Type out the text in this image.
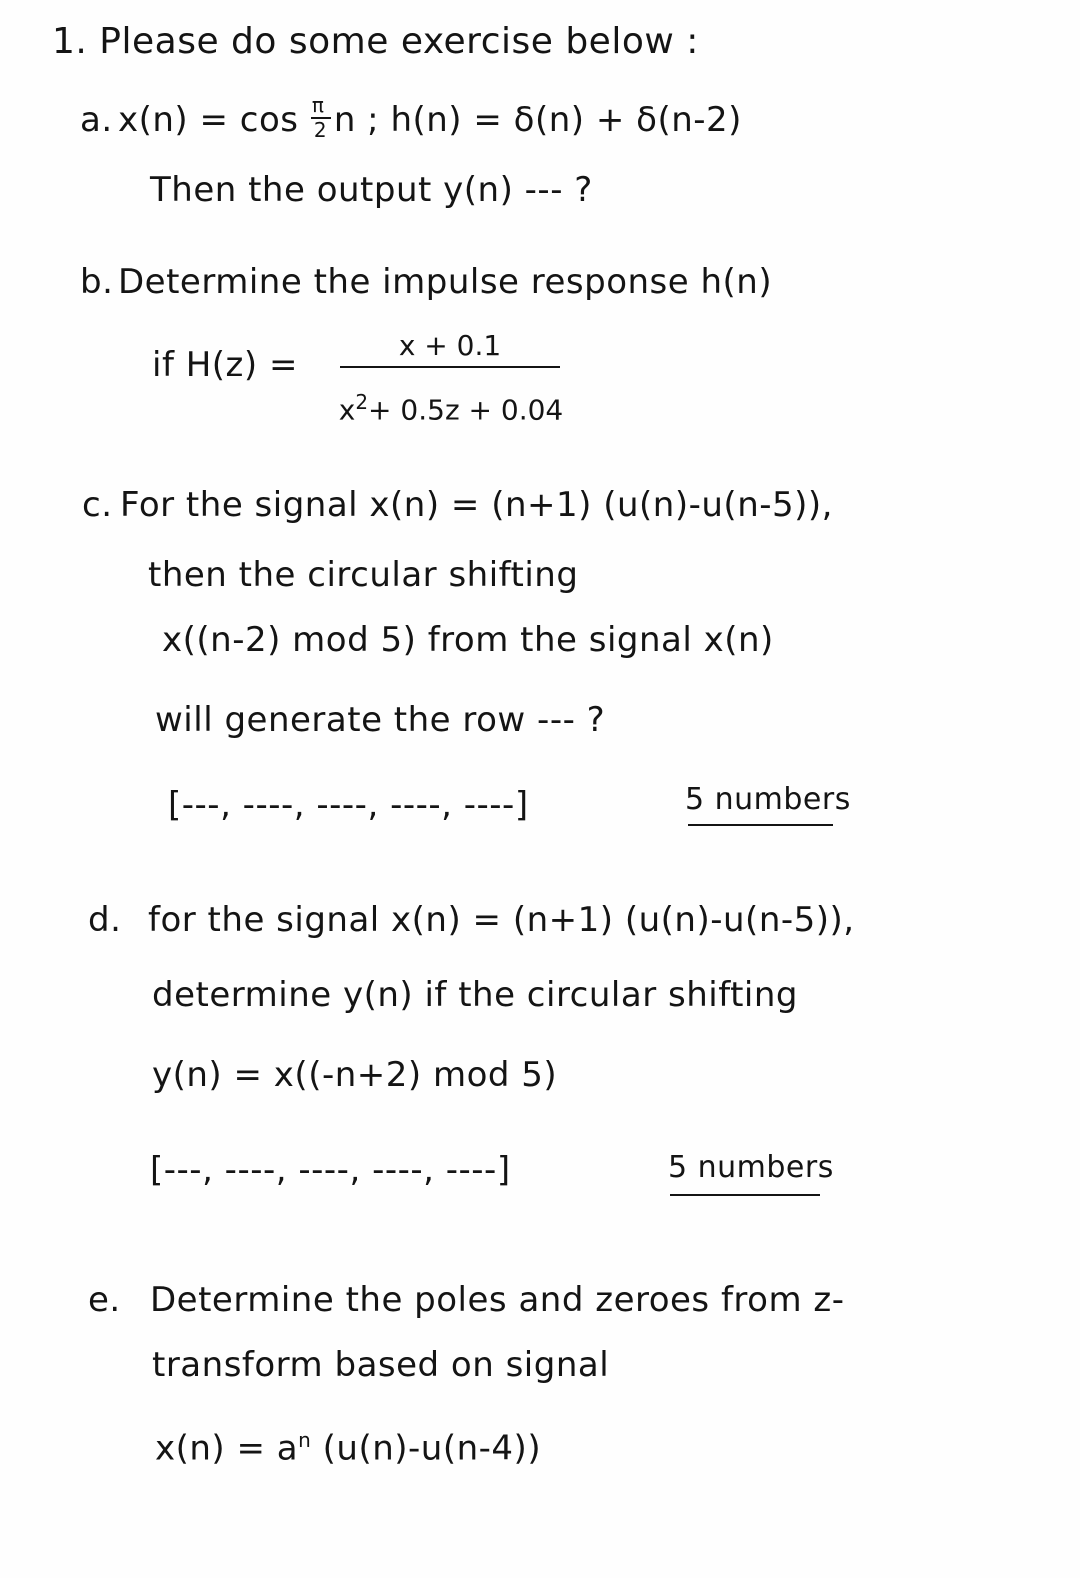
1. Please do some exercise below :
a. $x(n) = \cos \frac{\pi}{2}$ n ; h(n) = δ(n) + δ(n-2)
Then the output y(n) --- ?
b. Determine the impulse response h(n)
if H(z) =	x + 0.1
$x^2+ 0.5z + 0.04$
c. For the signal x(n) = (n+1) (u(n)-u(n-5)),
then the circular shifting
x((n-2) mod 5) from the signal x(n)
will generate the row --- ?
[---, ----, ----, ----, ----]	5 numbers
d. for the signal x(n) = (n+1) (u(n)-u(n-5)),
determine y(n) if the circular shifting
y(n) = x((-n+2) mod 5)
[---, ----, ----, ----, ----]	5 numbers
e. Determine the poles and zeroes from z-
transform based on signal
$x(n) = a^n$ (u(n)-u(n-4))
